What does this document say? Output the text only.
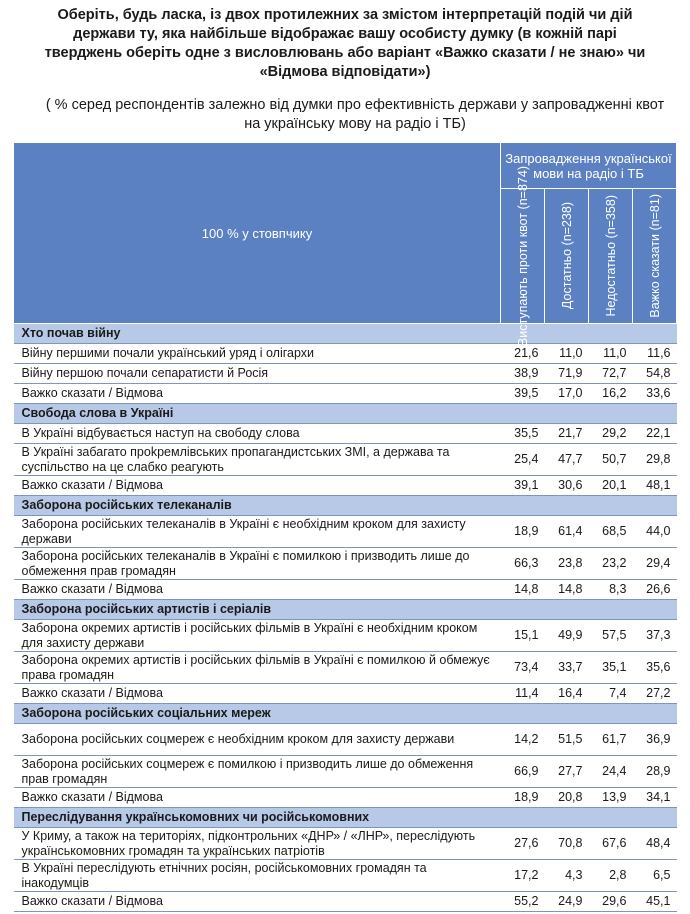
Оберіть, будь ласка, із двох протилежних за змістом інтерпретацій подій чи дій держави ту, яка найбільше відображає вашу особисту думку (в кожній парі тверджень оберіть одне з висловлювань або варіант «Важко сказати / не знаю» чи «Відмова відповідати»)
( % серед респондентів залежно від думки про ефективність держави у запровадженні квот на українську мову на радіо і ТБ)
100 % у стовпчику	Запровадження української мови на радіо і ТБ			

	Виступають проти квот (n=874)	Достатньо (n=238)	Недостатньо (n=358)	Важко сказати (n=81)

Хто почав війну				
Війну першими почали український уряд і олігархи	21,6	11,0	11,0	11,6
Війну першою почали сепаратисти й Росія	38,9	71,9	72,7	54,8
Важко сказати / Відмова	39,5	17,0	16,2	33,6
Свобода слова в Україні				
В Україні відбувається наступ на свободу слова	35,5	21,7	29,2	22,1
В Україні забагато проkремлівських пропагандистських ЗМІ, а держава та суспільство на це слабко реагують	25,4	47,7	50,7	29,8
Важко сказати / Відмова	39,1	30,6	20,1	48,1
Заборона російських телеканалів				
Заборона російських телеканалів в Україні є необхідним кроком для захисту держави	18,9	61,4	68,5	44,0
Заборона російських телеканалів в Україні є помилкою і призводить лише до обмеження прав громадян	66,3	23,8	23,2	29,4
Важко сказати / Відмова	14,8	14,8	8,3	26,6
Заборона російських артистів і серіалів				
Заборона окремих артистів і російських фільмів в Україні є необхідним кроком для захисту держави	15,1	49,9	57,5	37,3
Заборона окремих артистів і російських фільмів в Україні є помилкою й обмежує права громадян	73,4	33,7	35,1	35,6
Важко сказати / Відмова	11,4	16,4	7,4	27,2
Заборона російських соціальних мереж				
Заборона російських соцмереж є необхідним кроком для захисту держави	14,2	51,5	61,7	36,9
Заборона російських соцмереж є помилкою і призводить лише до обмеження прав громадян	66,9	27,7	24,4	28,9
Важко сказати / Відмова	18,9	20,8	13,9	34,1
Переслідування українськомовних чи російськомовних				
У Криму, а також на територіях, підконтрольних «ДНР» / «ЛНР», переслідують українськомовних громадян та українських патріотів	27,6	70,8	67,6	48,4
В Україні переслідують етнічних росіян, російськомовних громадян та інакодумців	17,2	4,3	2,8	6,5
Важко сказати / Відмова	55,2	24,9	29,6	45,1
